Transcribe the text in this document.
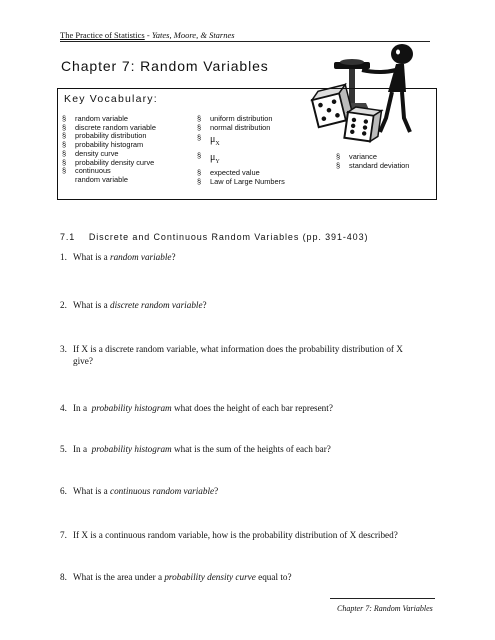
The Practice of Statistics - Yates, Moore, & Starnes
Chapter 7: Random Variables
Key Vocabulary:
§	random variable
§	discrete random variable
§	probability distribution
§	probability histogram
§	density curve
§	probability density curve
§	continuous random variable
§	uniform distribution
§	normal distribution
§ $\mu_X$
§ $\mu_Y$
§	expected value
§	Law of Large Numbers
§	variance
§	standard deviation
7.1    Discrete and Continuous Random Variables (pp. 391-403)
1. What is a random variable?
2. What is a discrete random variable?
3. If X is a discrete random variable, what information does the probability distribution of X
give?
4. In a  probability histogram what does the height of each bar represent?
5. In a  probability histogram what is the sum of the heights of each bar?
6. What is a continuous random variable?
7. If X is a continuous random variable, how is the probability distribution of X described?
8. What is the area under a probability density curve equal to?
Chapter 7: Random Variables
